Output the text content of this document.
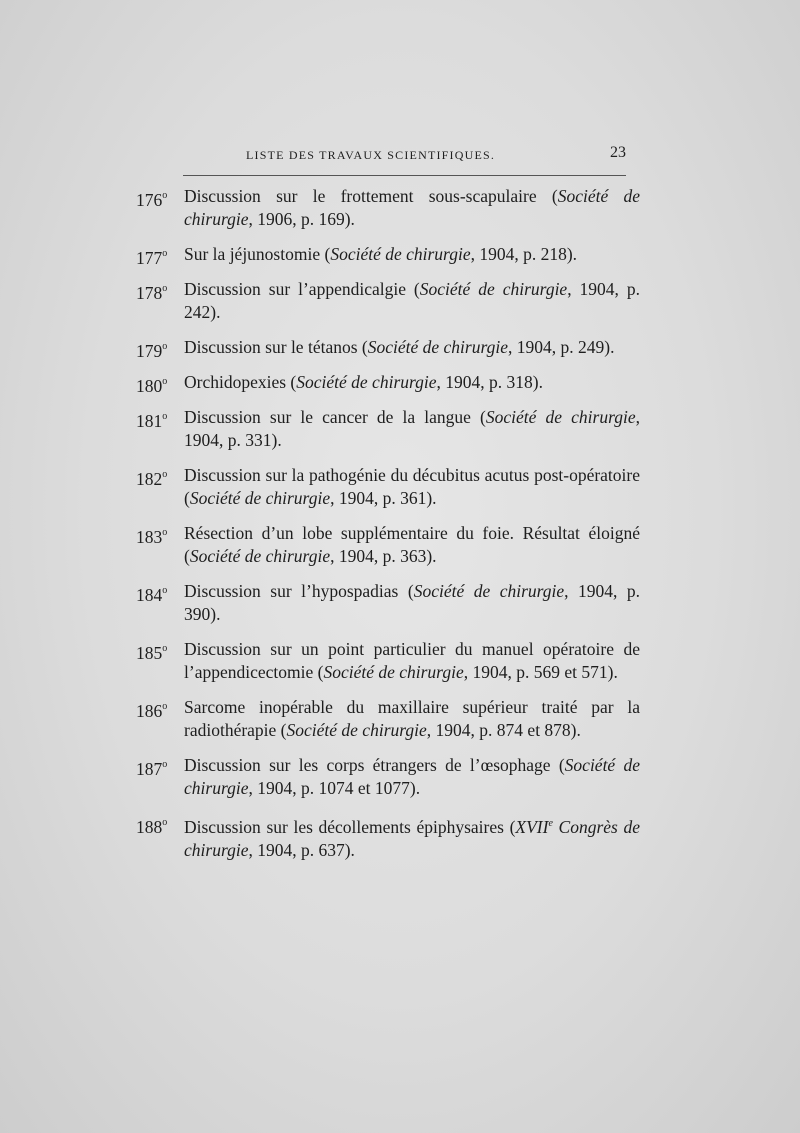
LISTE DES TRAVAUX SCIENTIFIQUES.	23
176$^o$ Discussion sur le frottement sous-scapulaire (Société de chirurgie, 1906, p. 169).
177$^o$ Sur la jéjunostomie (Société de chirurgie, 1904, p. 218).
178$^o$ Discussion sur l’appendicalgie (Société de chirurgie, 1904, p. 242).
179$^o$ Discussion sur le tétanos (Société de chirurgie, 1904, p. 249).
180$^o$ Orchidopexies (Société de chirurgie, 1904, p. 318).
181$^o$ Discussion sur le cancer de la langue (Société de chirurgie, 1904, p. 331).
182$^o$ Discussion sur la pathogénie du décubitus acutus post-opératoire (Société de chirurgie, 1904, p. 361).
183$^o$ Résection d’un lobe supplémentaire du foie. Résultat éloigné (Société de chirurgie, 1904, p. 363).
184$^o$ Discussion sur l’hypospadias (Société de chirurgie, 1904, p. 390).
185$^o$ Discussion sur un point particulier du manuel opératoire de l’appendicectomie (Société de chirurgie, 1904, p. 569 et 571).
186$^o$ Sarcome inopérable du maxillaire supérieur traité par la radiothérapie (Société de chirurgie, 1904, p. 874 et 878).
187$^o$ Discussion sur les corps étrangers de l’œsophage (Société de chirurgie, 1904, p. 1074 et 1077).
188$^o$ Discussion sur les décollements épiphysaires (XVIIe Congrès de chirurgie, 1904, p. 637).
